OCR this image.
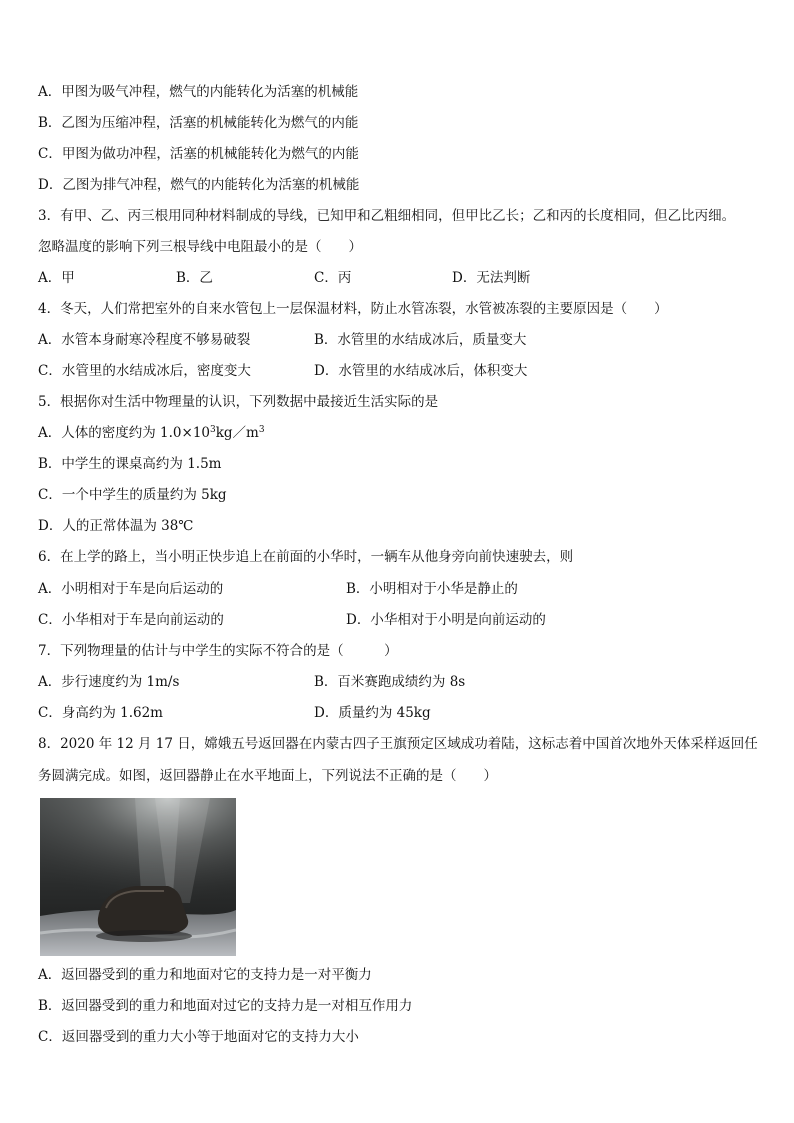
A．甲图为吸气冲程，燃气的内能转化为活塞的机械能
B．乙图为压缩冲程，活塞的机械能转化为燃气的内能
C．甲图为做功冲程，活塞的机械能转化为燃气的内能
D．乙图为排气冲程，燃气的内能转化为活塞的机械能
3．有甲、乙、丙三根用同种材料制成的导线，已知甲和乙粗细相同，但甲比乙长；乙和丙的长度相同，但乙比丙细。
忽略温度的影响下列三根导线中电阻最小的是（　　）
A．甲	B．乙	C．丙	D．无法判断
4．冬天，人们常把室外的自来水管包上一层保温材料，防止水管冻裂，水管被冻裂的主要原因是（　　）
A．水管本身耐寒冷程度不够易破裂	B．水管里的水结成冰后，质量变大
C．水管里的水结成冰后，密度变大	D．水管里的水结成冰后，体积变大
5．根据你对生活中物理量的认识，下列数据中最接近生活实际的是
A．人体的密度约为 $1.0\times 10^3kg/m^3$
B．中学生的课桌高约为 1.5m
C．一个中学生的质量约为 5kg
D．人的正常体温为 38℃
6．在上学的路上，当小明正快步追上在前面的小华时，一辆车从他身旁向前快速驶去，则
A．小明相对于车是向后运动的	B．小明相对于小华是静止的
C．小华相对于车是向前运动的	D．小华相对于小明是向前运动的
7．下列物理量的估计与中学生的实际不符合的是（　　　）
A．步行速度约为 1m/s	B．百米赛跑成绩约为 8s
C．身高约为 1.62m	D．质量约为 45kg
8．2020 年 12 月 17 日，嫦娥五号返回器在内蒙古四子王旗预定区域成功着陆，这标志着中国首次地外天体采样返回任
务圆满完成。如图，返回器静止在水平地面上，下列说法不正确的是（　　）
A．返回器受到的重力和地面对它的支持力是一对平衡力
B．返回器受到的重力和地面对过它的支持力是一对相互作用力
C．返回器受到的重力大小等于地面对它的支持力大小
